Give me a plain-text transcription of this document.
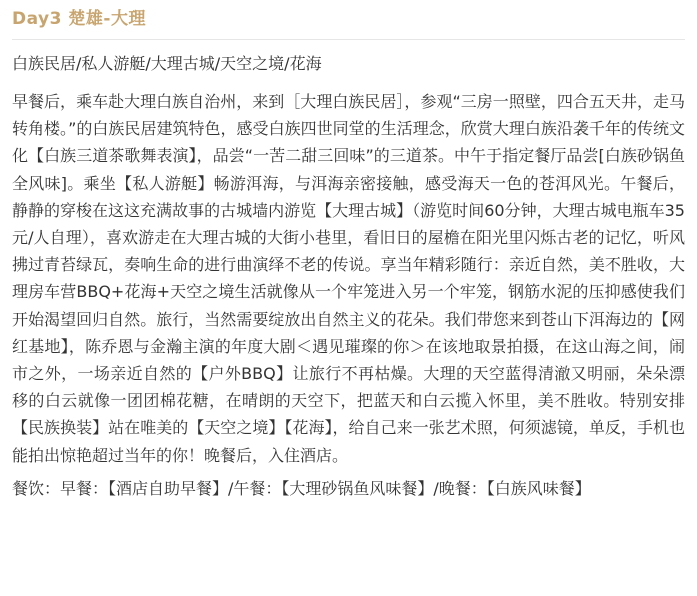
Day3 楚雄-大理

白族民居/私人游艇/大理古城/天空之境/花海

早餐后，乘车赴大理白族自治州，来到［大理白族民居］，参观“三房一照壁，四合五天井，走马转角楼。”的白族民居建筑特色，感受白族四世同堂的生活理念，欣赏大理白族沿袭千年的传统文化【白族三道茶歌舞表演】，品尝“一苦二甜三回味”的三道茶。中午于指定餐厅品尝[白族砂锅鱼全风味]。乘坐【私人游艇】畅游洱海，与洱海亲密接触，感受海天一色的苍洱风光。午餐后，静静的穿梭在这这充满故事的古城墙内游览【大理古城】（游览时间60分钟，大理古城电瓶车35元/人自理），喜欢游走在大理古城的大街小巷里，看旧日的屋檐在阳光里闪烁古老的记忆，听风拂过青苔绿瓦，奏响生命的进行曲演绎不老的传说。享当年精彩随行：亲近自然，美不胜收，大理房车营BBQ+花海+天空之境生活就像从一个牢笼进入另一个牢笼，钢筋水泥的压抑感使我们开始渴望回归自然。旅行，当然需要绽放出自然主义的花朵。我们带您来到苍山下洱海边的【网红基地】，陈乔恩与金瀚主演的年度大剧＜遇见璀璨的你＞在该地取景拍摄，在这山海之间，闹市之外，一场亲近自然的【户外BBQ】让旅行不再枯燥。大理的天空蓝得清澈又明丽，朵朵漂移的白云就像一团团棉花糖，在晴朗的天空下，把蓝天和白云揽入怀里，美不胜收。特别安排【民族换装】站在唯美的【天空之境】【花海】，给自己来一张艺术照，何须滤镜，单反，手机也能拍出惊艳超过当年的你！晚餐后，入住酒店。

餐饮：早餐：【酒店自助早餐】/午餐：【大理砂锅鱼风味餐】/晚餐：【白族风味餐】
